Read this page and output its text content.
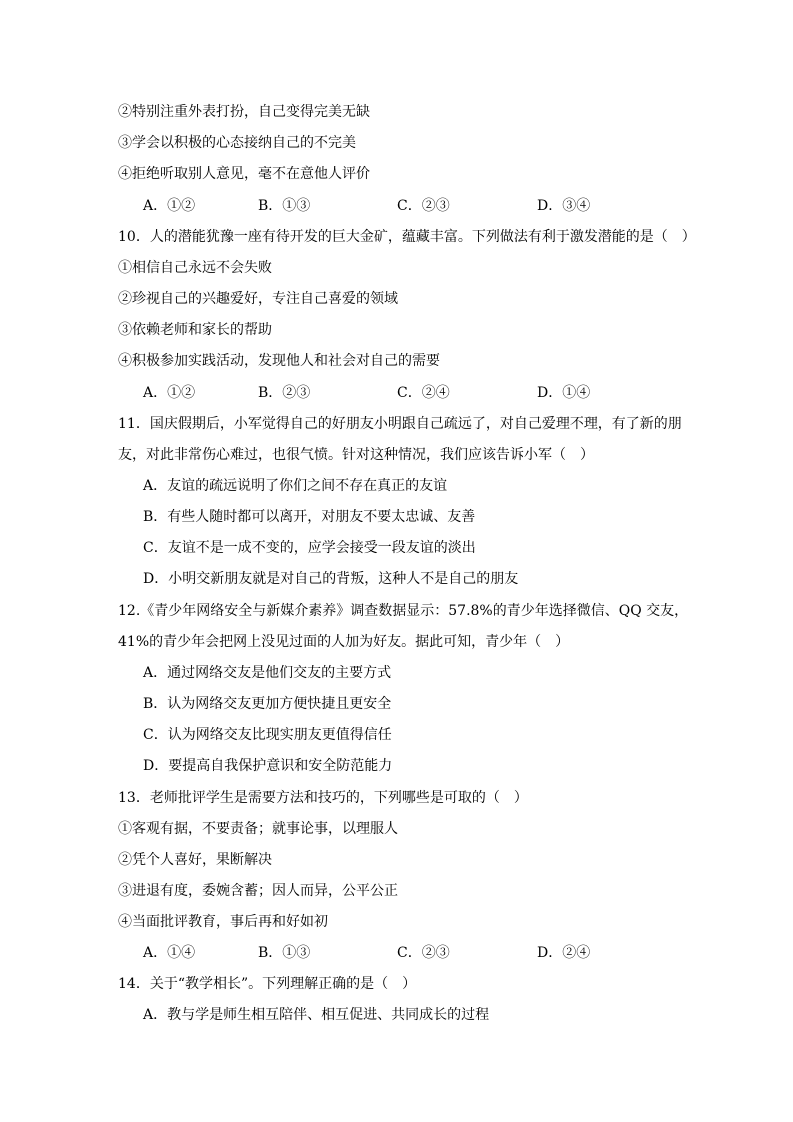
②特别注重外表打扮，自己变得完美无缺
③学会以积极的心态接纳自己的不完美
④拒绝听取别人意见，毫不在意他人评价
A．①②	B．①③	C．②③	D．③④
10．人的潜能犹豫一座有待开发的巨大金矿，蕴藏丰富。下列做法有利于激发潜能的是（　）
①相信自己永远不会失败
②珍视自己的兴趣爱好，专注自己喜爱的领域
③依赖老师和家长的帮助
④积极参加实践活动，发现他人和社会对自己的需要
A．①②	B．②③	C．②④	D．①④
11．国庆假期后，小军觉得自己的好朋友小明跟自己疏远了，对自己爱理不理，有了新的朋
友，对此非常伤心难过，也很气愤。针对这种情况，我们应该告诉小军（　）
A．友谊的疏远说明了你们之间不存在真正的友谊
B．有些人随时都可以离开，对朋友不要太忠诚、友善
C．友谊不是一成不变的，应学会接受一段友谊的淡出
D．小明交新朋友就是对自己的背叛，这种人不是自己的朋友
12.《青少年网络安全与新媒介素养》调查数据显示：57.8%的青少年选择微信、QQ 交友，
41%的青少年会把网上没见过面的人加为好友。据此可知，青少年（　）
A．通过网络交友是他们交友的主要方式
B．认为网络交友更加方便快捷且更安全
C．认为网络交友比现实朋友更值得信任
D．要提高自我保护意识和安全防范能力
13．老师批评学生是需要方法和技巧的，下列哪些是可取的（　）
①客观有据，不要责备；就事论事，以理服人
②凭个人喜好，果断解决
③进退有度，委婉含蓄；因人而异，公平公正
④当面批评教育，事后再和好如初
A．①④	B．①③	C．②③	D．②④
14．关于“教学相长”。下列理解正确的是（　）
A．教与学是师生相互陪伴、相互促进、共同成长的过程
